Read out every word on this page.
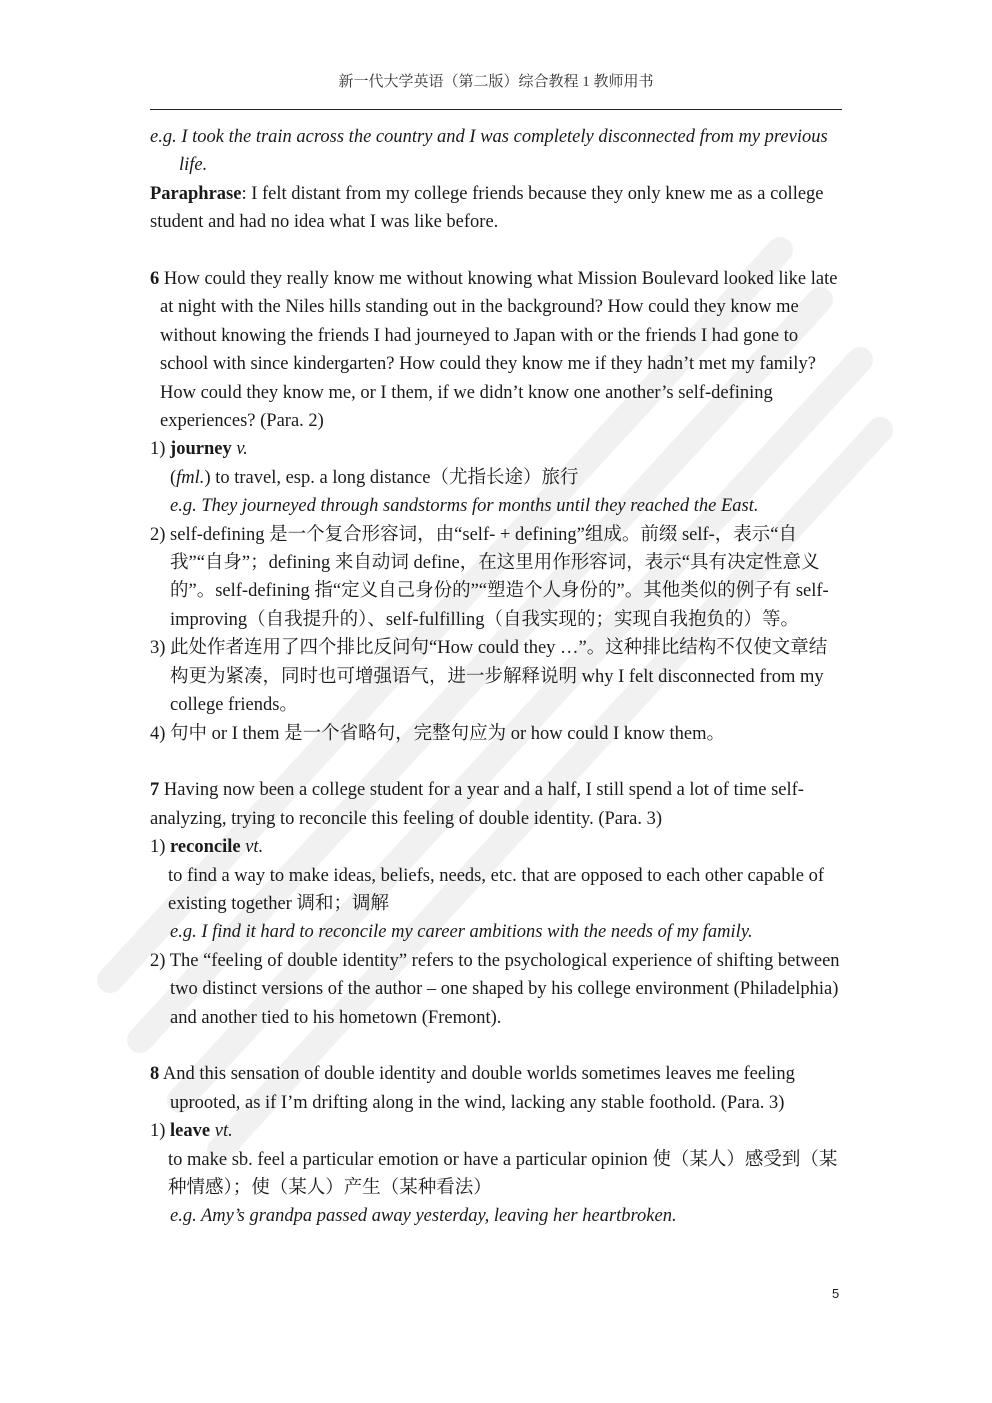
新一代大学英语（第二版）综合教程 1 教师用书

e.g. I took the train across the country and I was completely disconnected from my previous life.

Paraphrase: I felt distant from my college friends because they only knew me as a college student and had no idea what I was like before.

6 How could they really know me without knowing what Mission Boulevard looked like late at night with the Niles hills standing out in the background? How could they know me without knowing the friends I had journeyed to Japan with or the friends I had gone to school with since kindergarten? How could they know me if they hadn’t met my family? How could they know me, or I them, if we didn’t know one another’s self-defining experiences? (Para. 2)

1) journey v.

(fml.) to travel, esp. a long distance（尤指长途）旅行

e.g. They journeyed through sandstorms for months until they reached the East.

2) self-defining 是一个复合形容词，由“self- + defining”组成。前缀 self-，表示“自我”“自身”；defining 来自动词 define，在这里用作形容词，表示“具有决定性意义的”。self-defining 指“定义自己身份的”“塑造个人身份的”。其他类似的例子有 self-improving（自我提升的）、self-fulfilling（自我实现的；实现自我抱负的）等。

3) 此处作者连用了四个排比反问句“How could they …”。这种排比结构不仅使文章结构更为紧凑，同时也可增强语气，进一步解释说明 why I felt disconnected from my college friends。

4) 句中 or I them 是一个省略句，完整句应为 or how could I know them。

7 Having now been a college student for a year and a half, I still spend a lot of time self-analyzing, trying to reconcile this feeling of double identity. (Para. 3)

1) reconcile vt.

to find a way to make ideas, beliefs, needs, etc. that are opposed to each other capable of existing together 调和；调解

e.g. I find it hard to reconcile my career ambitions with the needs of my family.

2) The “feeling of double identity” refers to the psychological experience of shifting between two distinct versions of the author – one shaped by his college environment (Philadelphia) and another tied to his hometown (Fremont).

8 And this sensation of double identity and double worlds sometimes leaves me feeling uprooted, as if I’m drifting along in the wind, lacking any stable foothold. (Para. 3)

1) leave vt.

to make sb. feel a particular emotion or have a particular opinion 使（某人）感受到（某种情感）；使（某人）产生（某种看法）

e.g. Amy’s grandpa passed away yesterday, leaving her heartbroken.

5
